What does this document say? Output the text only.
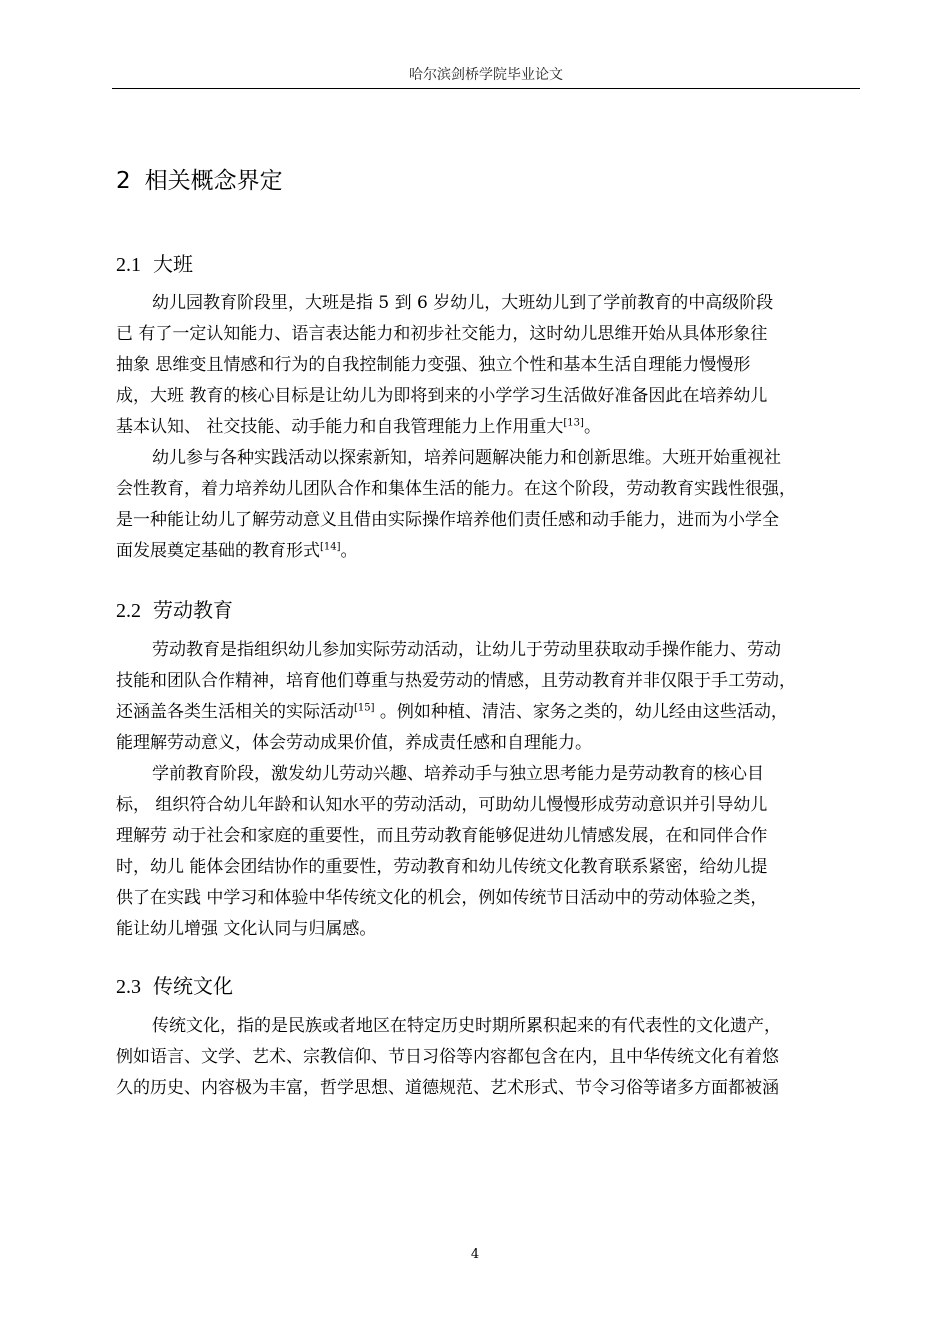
哈尔滨剑桥学院毕业论文
2 相关概念界定
2.1 大班
幼儿园教育阶段里，大班是指 5 到 6 岁幼儿，大班幼儿到了学前教育的中高级阶段
已 有了一定认知能力、语言表达能力和初步社交能力，这时幼儿思维开始从具体形象往
抽象 思维变且情感和行为的自我控制能力变强、独立个性和基本生活自理能力慢慢形
成，大班 教育的核心目标是让幼儿为即将到来的小学学习生活做好准备因此在培养幼儿
基本认知、 社交技能、动手能力和自我管理能力上作用重大[13]。
幼儿参与各种实践活动以探索新知，培养问题解决能力和创新思维。大班开始重视社
会性教育，着力培养幼儿团队合作和集体生活的能力。在这个阶段，劳动教育实践性很强，
是一种能让幼儿了解劳动意义且借由实际操作培养他们责任感和动手能力，进而为小学全
面发展奠定基础的教育形式[14]。
2.2 劳动教育
劳动教育是指组织幼儿参加实际劳动活动，让幼儿于劳动里获取动手操作能力、劳动
技能和团队合作精神，培育他们尊重与热爱劳动的情感，且劳动教育并非仅限于手工劳动，
还涵盖各类生活相关的实际活动[15] 。例如种植、清洁、家务之类的，幼儿经由这些活动，
能理解劳动意义，体会劳动成果价值，养成责任感和自理能力。
学前教育阶段，激发幼儿劳动兴趣、培养动手与独立思考能力是劳动教育的核心目
标， 组织符合幼儿年龄和认知水平的劳动活动，可助幼儿慢慢形成劳动意识并引导幼儿
理解劳 动于社会和家庭的重要性，而且劳动教育能够促进幼儿情感发展，在和同伴合作
时，幼儿 能体会团结协作的重要性，劳动教育和幼儿传统文化教育联系紧密，给幼儿提
供了在实践 中学习和体验中华传统文化的机会，例如传统节日活动中的劳动体验之类，
能让幼儿增强 文化认同与归属感。
2.3 传统文化
传统文化，指的是民族或者地区在特定历史时期所累积起来的有代表性的文化遗产，
例如语言、文学、艺术、宗教信仰、节日习俗等内容都包含在内，且中华传统文化有着悠
久的历史、内容极为丰富，哲学思想、道德规范、艺术形式、节令习俗等诸多方面都被涵
4
